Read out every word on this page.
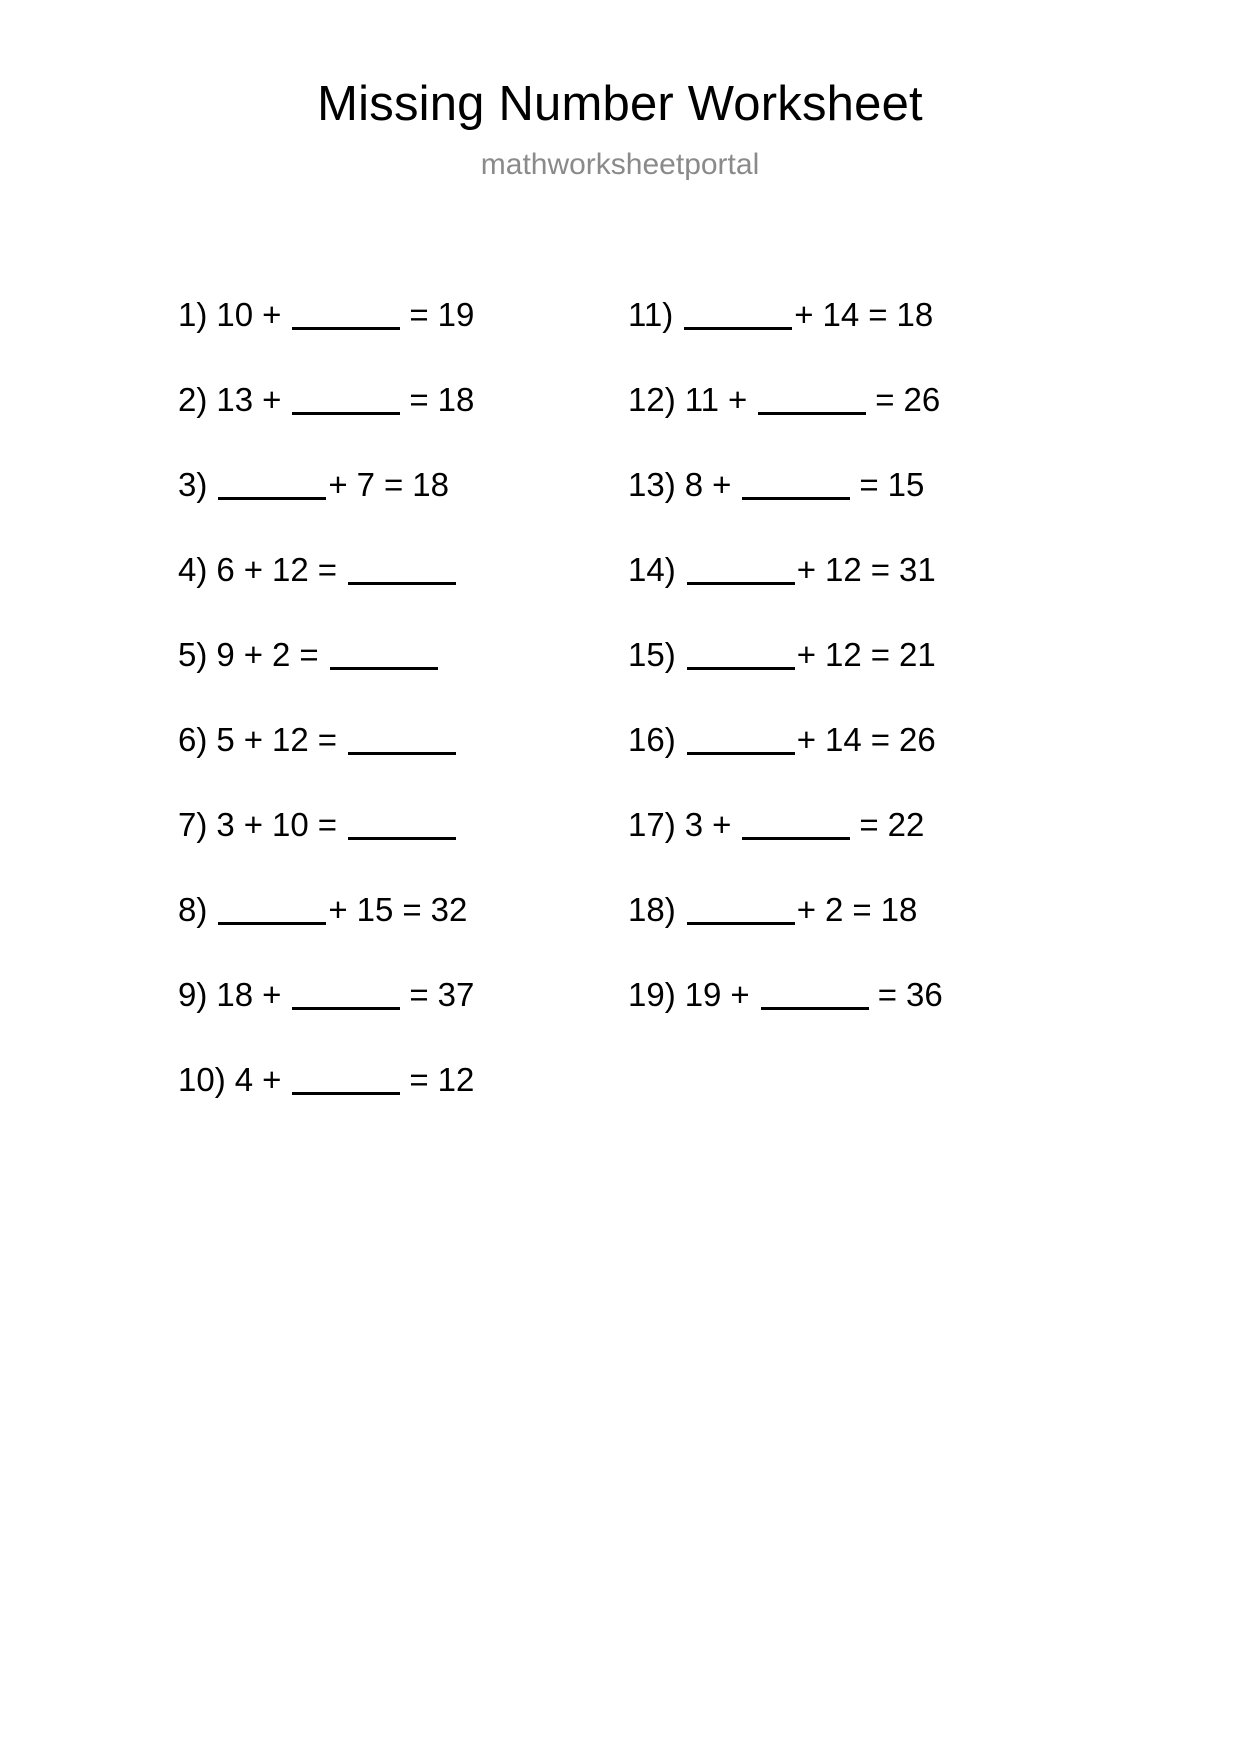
Missing Number Worksheet
mathworksheetportal
1) 10 +	= 19
2) 13 +	= 18
3)	+ 7 = 18
4) 6 + 12 =
5) 9 + 2 =
6) 5 + 12 =
7) 3 + 10 =
8)	+ 15 = 32
9) 18 +	= 37
10) 4 +	= 12
11)	+ 14 = 18
12) 11 +	= 26
13) 8 +	= 15
14)	+ 12 = 31
15)	+ 12 = 21
16)	+ 14 = 26
17) 3 +	= 22
18)	+ 2 = 18
19) 19 +	= 36
